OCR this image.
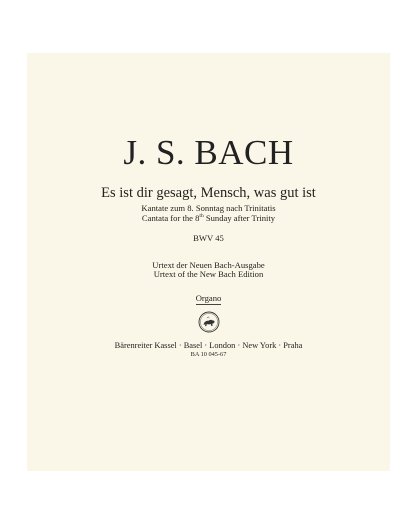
J. S. BACH
Es ist dir gesagt, Mensch, was gut ist
Kantate zum 8. Sonntag nach Trinitatis
Cantata for the 8th Sunday after Trinity
BWV 45
Urtext der Neuen Bach-Ausgabe
Urtext of the New Bach Edition
Organo
Bärenreiter Kassel · Basel · London · New York · Praha
BA 10 045-67
